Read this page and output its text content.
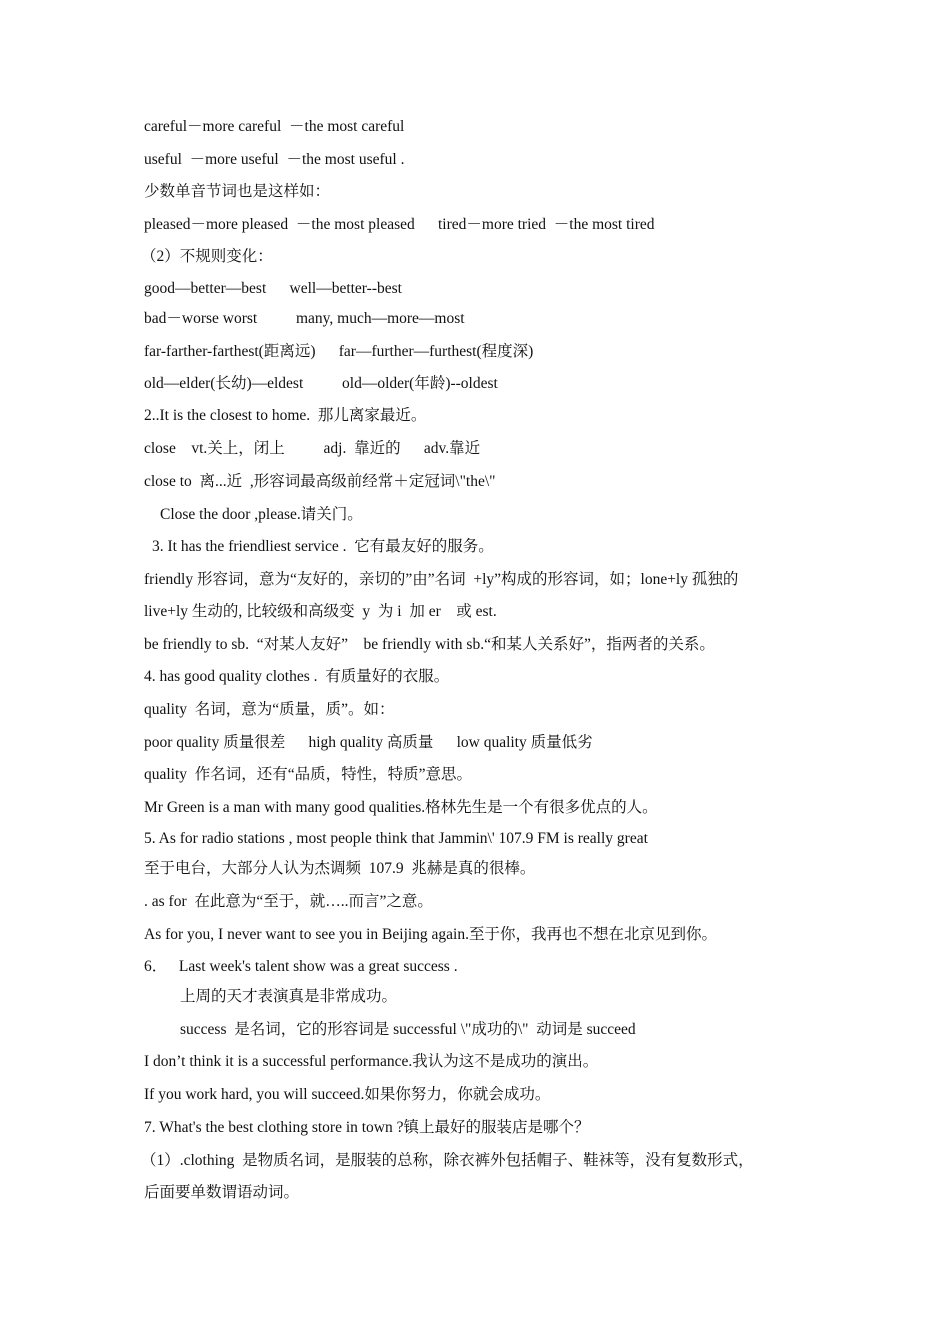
careful－more careful  －the most careful
useful  －more useful  －the most useful .
少数单音节词也是这样如：
pleased－more pleased  －the most pleased      tired－more tried  －the most tired
（2）不规则变化：
good—better—best      well—better--best
bad－worse worst          many, much—more—most
far-farther-farthest(距离远)      far—further—furthest(程度深)
old—elder(长幼)—eldest          old—older(年龄)--oldest
2..It is the closest to home.  那儿离家最近。
close    vt.关上，闭上          adj.  靠近的      adv.靠近
close to  离...近  ,形容词最高级前经常＋定冠词\"the\"
Close the door ,please.请关门。
3. It has the friendliest service .  它有最友好的服务。
friendly 形容词，意为“友好的，亲切的”由”名词  +ly”构成的形容词，如；lone+ly 孤独的
live+ly 生动的, 比较级和高级变  y  为 i  加 er    或 est.
be friendly to sb.  “对某人友好”    be friendly with sb.“和某人关系好”，指两者的关系。
4. has good quality clothes .  有质量好的衣服。
quality  名词，意为“质量，质”。如：
poor quality 质量很差      high quality 高质量      low quality 质量低劣
quality  作名词，还有“品质，特性，特质”意思。
Mr Green is a man with many good qualities.格林先生是一个有很多优点的人。
5. As for radio stations , most people think that Jammin\' 107.9 FM is really great
至于电台，大部分人认为杰调频  107.9  兆赫是真的很棒。
. as for  在此意为“至于，就…..而言”之意。
As for you, I never want to see you in Beijing again.至于你，我再也不想在北京见到你。
6．   Last week's talent show was a great success .
上周的天才表演真是非常成功。
success  是名词，它的形容词是 successful \"成功的\"  动词是 succeed
I don’t think it is a successful performance.我认为这不是成功的演出。
If you work hard, you will succeed.如果你努力，你就会成功。
7. What's the best clothing store in town ?镇上最好的服装店是哪个？
（1）.clothing  是物质名词，是服装的总称，除衣裤外包括帽子、鞋袜等，没有复数形式，
后面要单数谓语动词。
